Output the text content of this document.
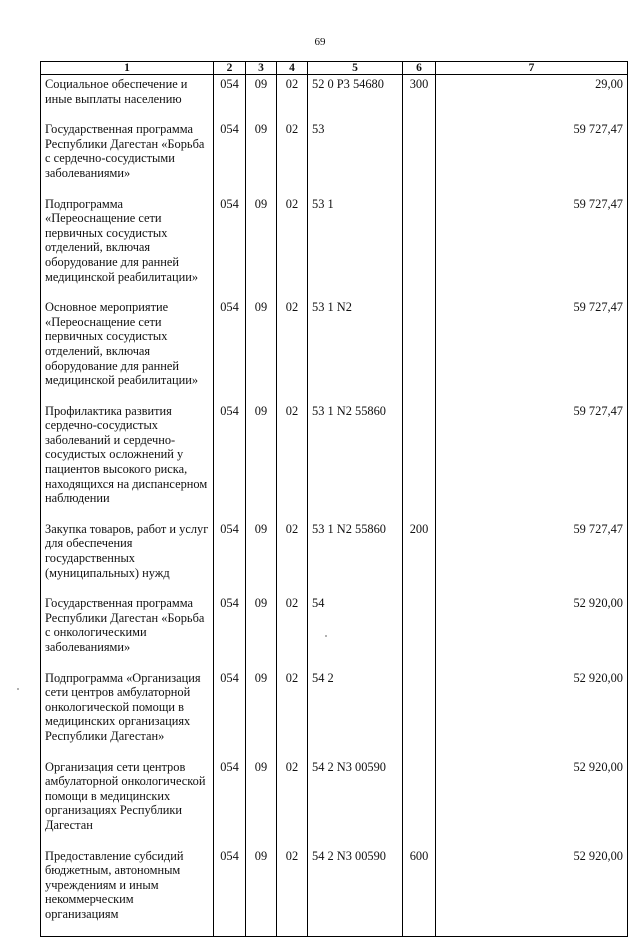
69
1	2	3	4	5	6	7
Социальное обеспечение и иные выплаты населению	054	09	02	52 0 P3 54680	300	29,00
Государственная программа Республики Дагестан «Борьба с сердечно-сосудистыми заболеваниями»	054	09	02	53		59 727,47
Подпрограмма «Переоснащение сети первичных сосудистых отделений, включая оборудование для ранней медицинской реабилитации»	054	09	02	53 1		59 727,47
Основное мероприятие «Переоснащение сети первичных сосудистых отделений, включая оборудование для ранней медицинской реабилитации»	054	09	02	53 1 N2		59 727,47
Профилактика развития сердечно-сосудистых заболеваний и сердечно-сосудистых осложнений у пациентов высокого риска, находящихся на диспансерном наблюдении	054	09	02	53 1 N2 55860		59 727,47
Закупка товаров, работ и услуг для обеспечения государственных (муниципальных) нужд	054	09	02	53 1 N2 55860	200	59 727,47
Государственная программа Республики Дагестан «Борьба с онкологическими заболеваниями»	054	09	02	54		52 920,00
Подпрограмма «Организация сети центров амбулаторной онкологической помощи в медицинских организациях Республики Дагестан»	054	09	02	54 2		52 920,00
Организация сети центров амбулаторной онкологической помощи в медицинских организациях Республики Дагестан	054	09	02	54 2 N3 00590		52 920,00
Предоставление субсидий бюджетным, автономным учреждениям и иным некоммерческим организациям	054	09	02	54 2 N3 00590	600	52 920,00
